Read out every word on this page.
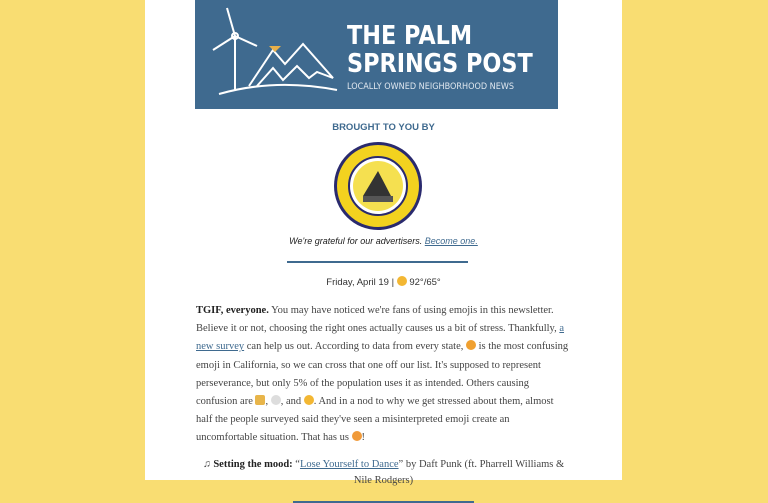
THE PALM
SPRINGS POST
LOCALLY OWNED NEIGHBORHOOD NEWS
BROUGHT TO YOU BY
We're grateful for our advertisers. Become one.
Friday, April 19 | 92°/65°
TGIF, everyone. You may have noticed we're fans of using emojis in this newsletter. Believe it or not, choosing the right ones actually causes us a bit of stress. Thankfully, a new survey can help us out. According to data from every state,  is the most confusing emoji in California, so we can cross that one off our list. It's supposed to represent perseverance, but only 5% of the population uses it as intended. Others causing confusion are , , and . And in a nod to why we get stressed about them, almost half the people surveyed said they've seen a misinterpreted emoji create an uncomfortable situation. That has us !
♫ Setting the mood: “Lose Yourself to Dance” by Daft Punk (ft. Pharrell Williams & Nile Rodgers)
